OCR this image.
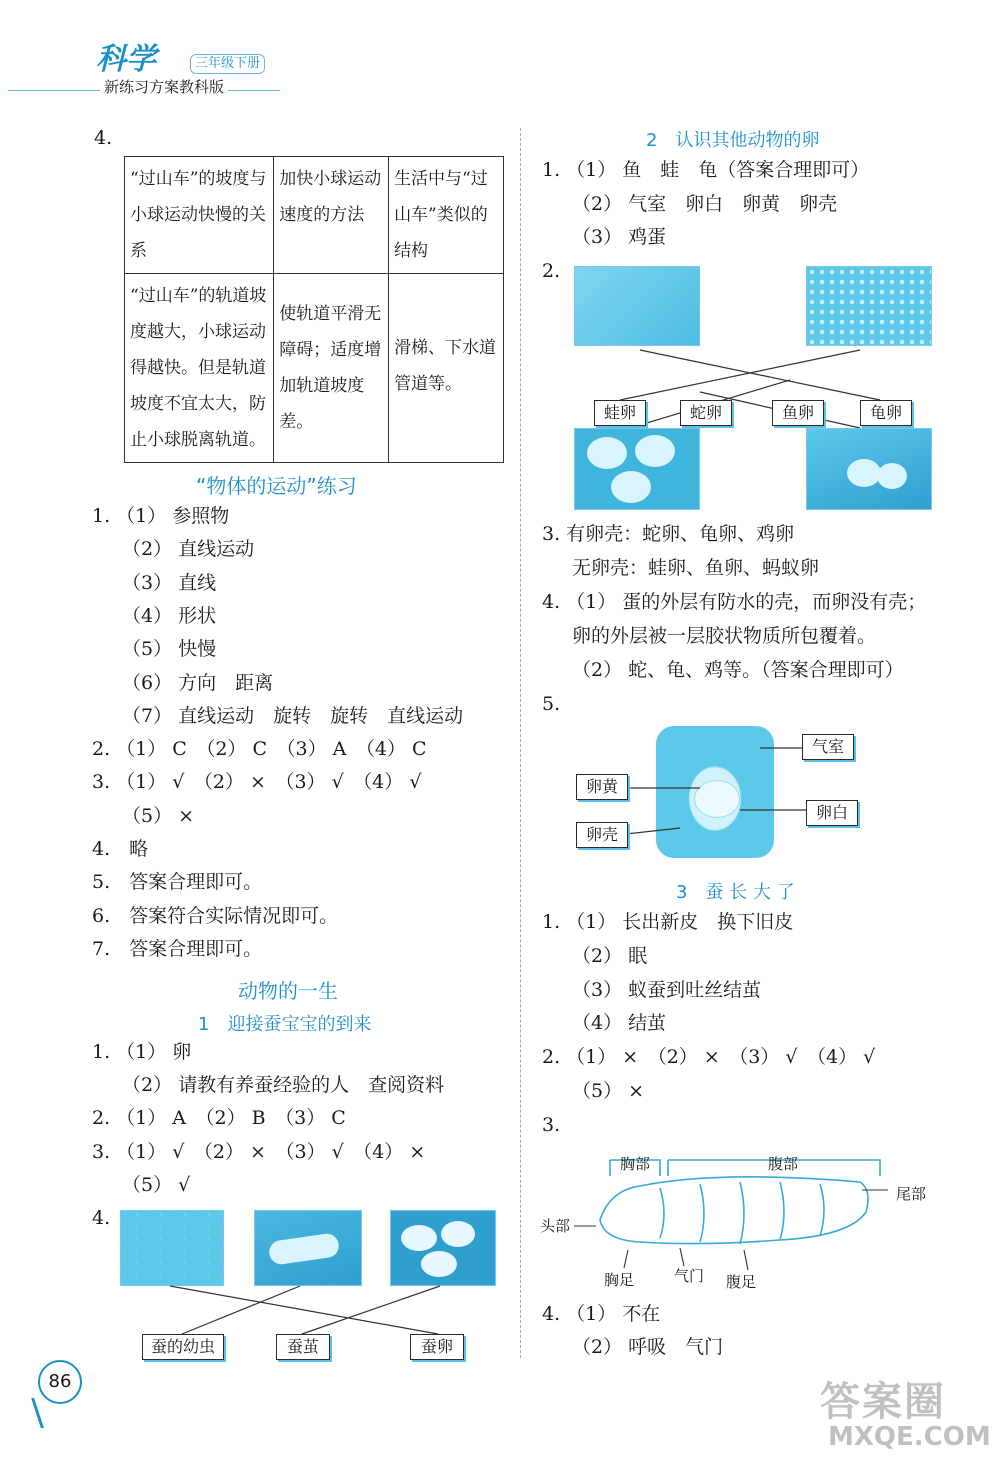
科学	三年级下册
新练习方案教科版
4.
“过山车”的坡度与小球运动快慢的关系	加快小球运动速度的方法	生活中与“过山车”类似的结构
“过山车”的轨道坡度越大，小球运动得越快。但是轨道坡度不宜太大，防止小球脱离轨道。	使轨道平滑无障碍；适度增加轨道坡度差。	滑梯、下水道管道等。
“物体的运动”练习
1. （1） 参照物
（2） 直线运动
（3） 直线
（4） 形状
（5） 快慢
（6） 方向　距离
（7） 直线运动　旋转　旋转　直线运动
2. （1） C　（2） C　（3） A　（4） C
3. （1） √　（2） ×　（3） √　（4） √
（5） ×
4.　略
5.　答案合理即可。
6.　答案符合实际情况即可。
7.　答案合理即可。
动物的一生
1　迎接蚕宝宝的到来
1. （1） 卵
（2） 请教有养蚕经验的人　查阅资料
2. （1） A　（2） B　（3） C
3. （1） √　（2） ×　（3） √　（4） ×
（5） √
4.
蚕的幼虫	蚕茧	蚕卵
2　认识其他动物的卵
1. （1） 鱼　蛙　龟（答案合理即可）
（2） 气室　卵白　卵黄　卵壳
（3） 鸡蛋
2.
蛙卵	蛇卵	鱼卵	龟卵
3. 有卵壳：蛇卵、龟卵、鸡卵
无卵壳：蛙卵、鱼卵、蚂蚁卵
4. （1） 蛋的外层有防水的壳，而卵没有壳；
卵的外层被一层胶状物质所包覆着。
（2） 蛇、龟、鸡等。（答案合理即可）
5.
气室
卵黄
卵白
卵壳
3　蚕 长 大 了
1. （1） 长出新皮　换下旧皮
（2） 眠
（3） 蚁蚕到吐丝结茧
（4） 结茧
2. （1） ×　（2） ×　（3） √　（4） √
（5） ×
3.
胸部	腹部
尾部
头部
胸足	气门 腹足
4. （1） 不在
（2） 呼吸　气门
86	答案圈
MXQE.COM
